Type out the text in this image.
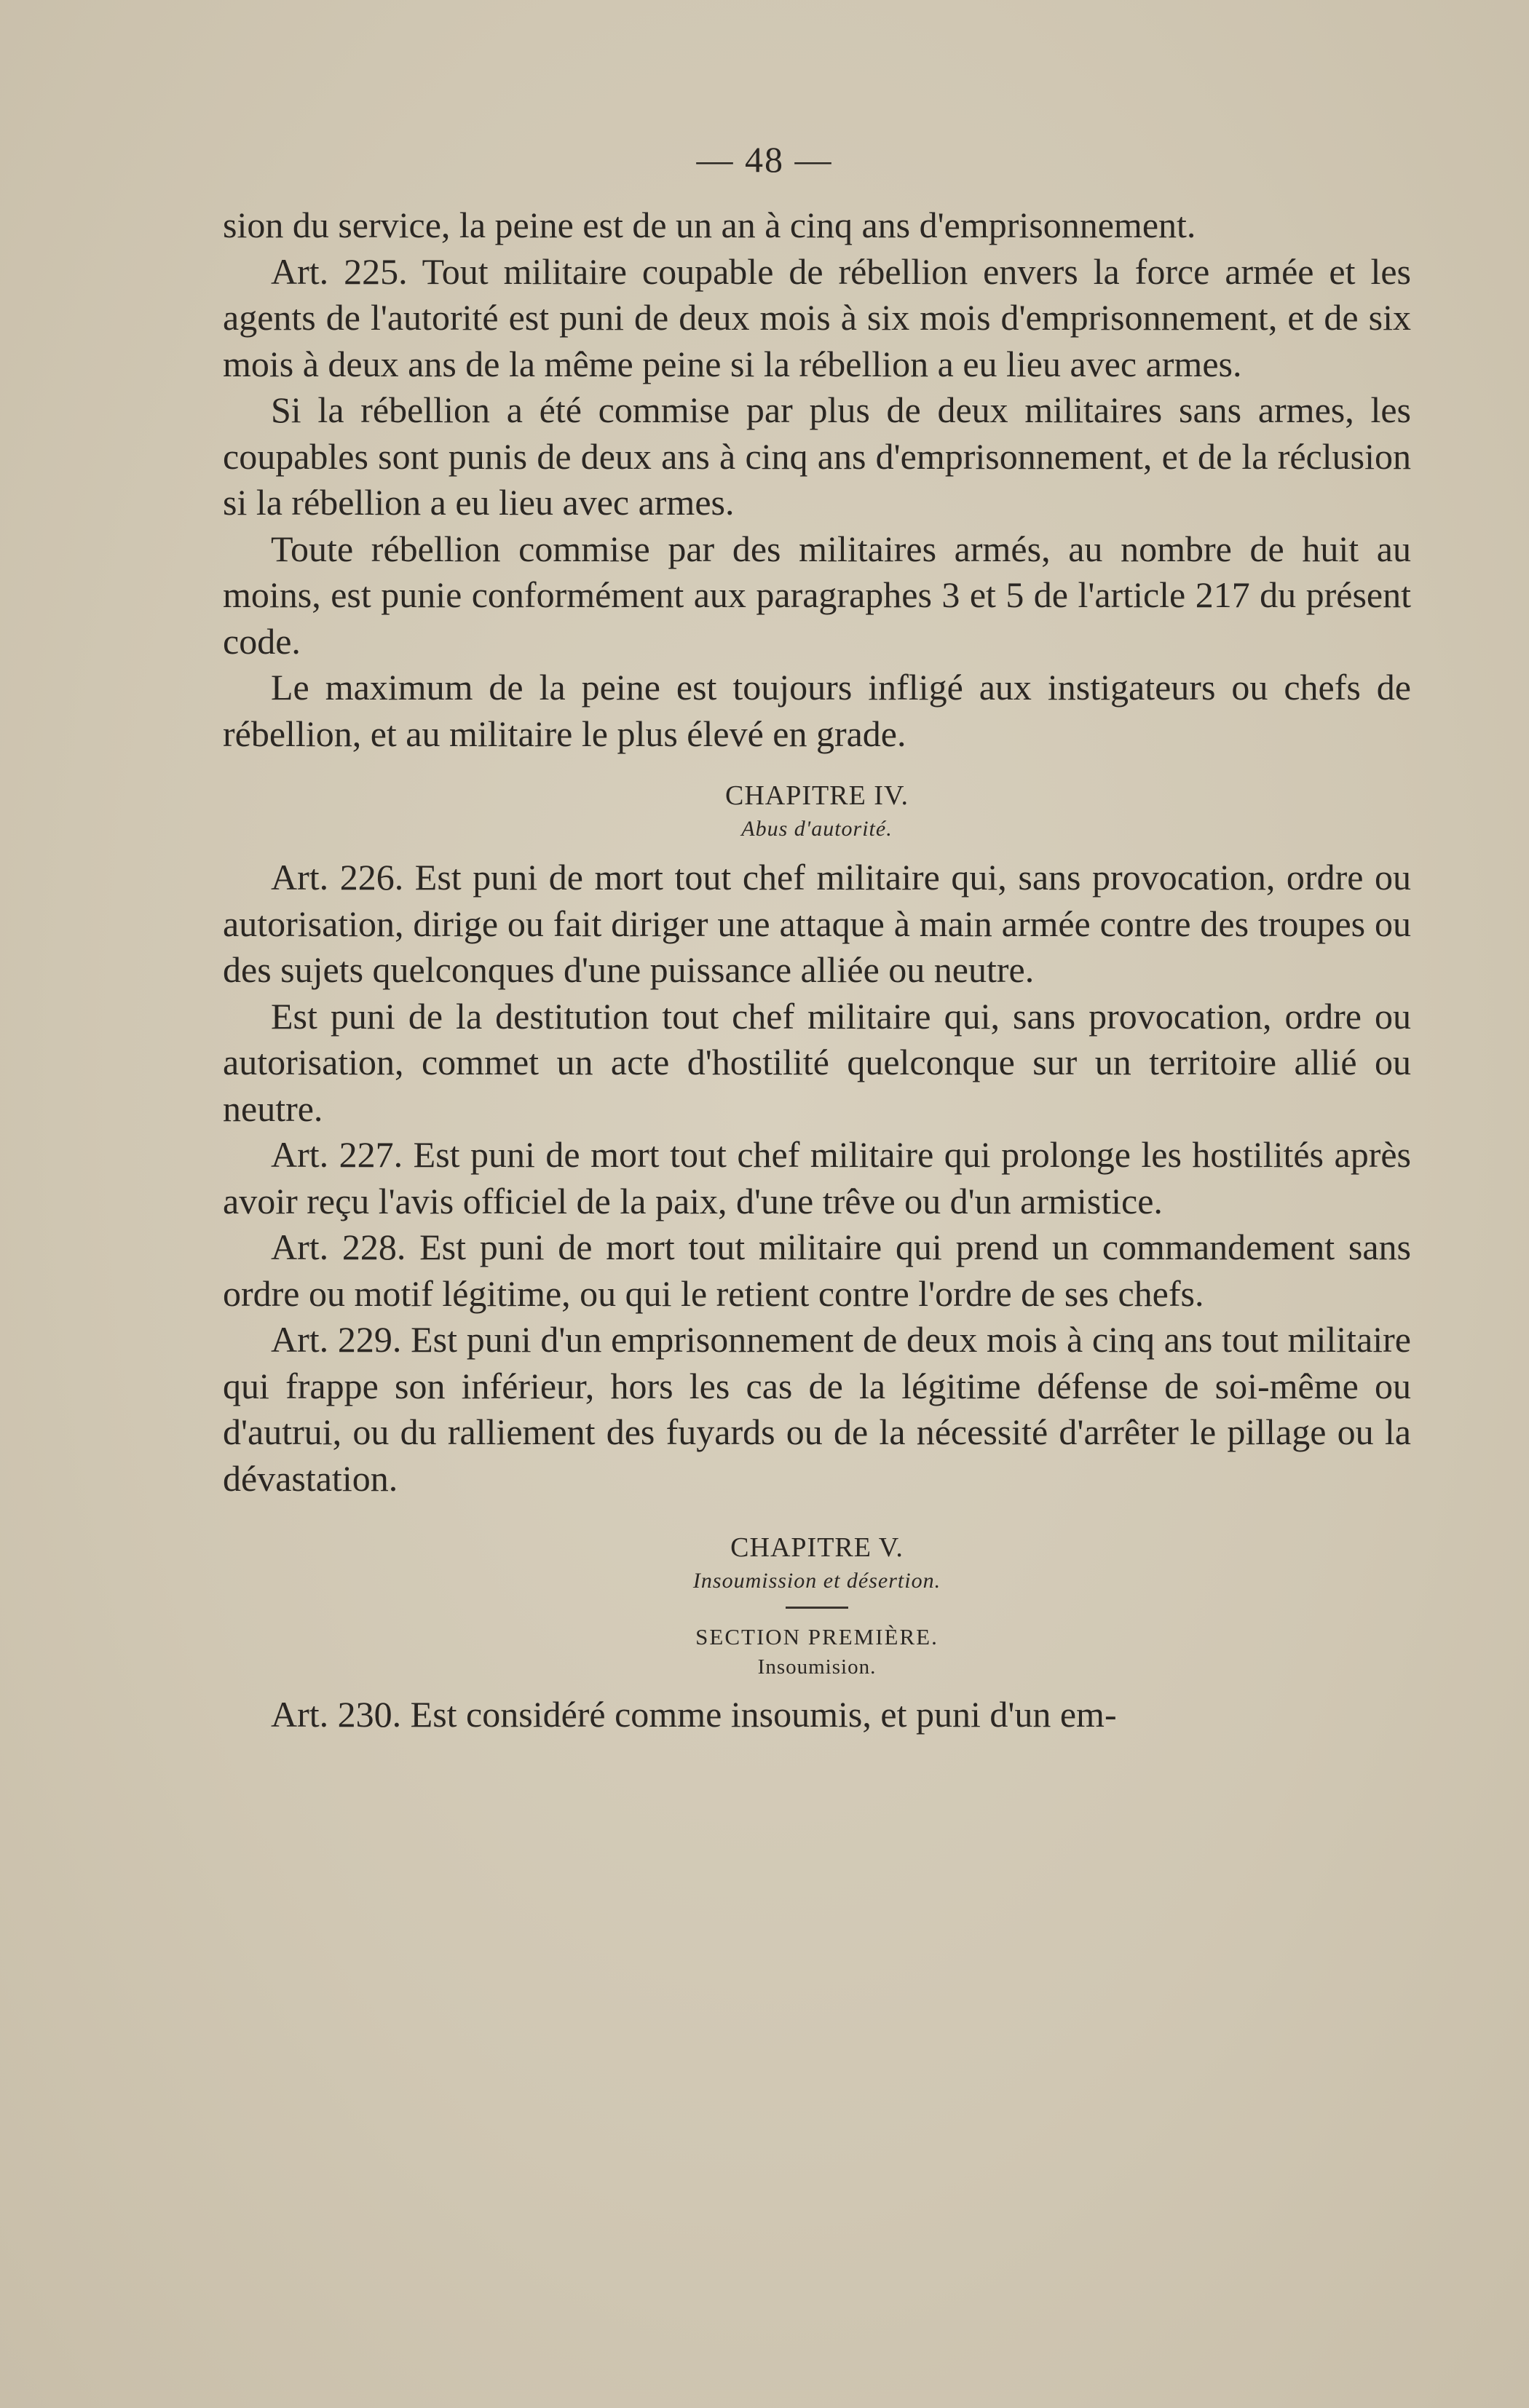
— 48 —

sion du service, la peine est de un an à cinq ans d'emprisonnement.

Art. 225. Tout militaire coupable de rébellion envers la force armée et les agents de l'autorité est puni de deux mois à six mois d'emprisonnement, et de six mois à deux ans de la même peine si la rébellion a eu lieu avec armes.

Si la rébellion a été commise par plus de deux militaires sans armes, les coupables sont punis de deux ans à cinq ans d'emprisonnement, et de la réclusion si la rébellion a eu lieu avec armes.

Toute rébellion commise par des militaires armés, au nombre de huit au moins, est punie conformément aux paragraphes 3 et 5 de l'article 217 du présent code.

Le maximum de la peine est toujours infligé aux instigateurs ou chefs de rébellion, et au militaire le plus élevé en grade.

CHAPITRE IV.

Abus d'autorité.

Art. 226. Est puni de mort tout chef militaire qui, sans provocation, ordre ou autorisation, dirige ou fait diriger une attaque à main armée contre des troupes ou des sujets quelconques d'une puissance alliée ou neutre.

Est puni de la destitution tout chef militaire qui, sans provocation, ordre ou autorisation, commet un acte d'hostilité quelconque sur un territoire allié ou neutre.

Art. 227. Est puni de mort tout chef militaire qui prolonge les hostilités après avoir reçu l'avis officiel de la paix, d'une trêve ou d'un armistice.

Art. 228. Est puni de mort tout militaire qui prend un commandement sans ordre ou motif légitime, ou qui le retient contre l'ordre de ses chefs.

Art. 229. Est puni d'un emprisonnement de deux mois à cinq ans tout militaire qui frappe son inférieur, hors les cas de la légitime défense de soi-même ou d'autrui, ou du ralliement des fuyards ou de la nécessité d'arrêter le pillage ou la dévastation.

CHAPITRE V.

Insoumission et désertion.

SECTION PREMIÈRE.

Insoumision.

Art. 230. Est considéré comme insoumis, et puni d'un em-
